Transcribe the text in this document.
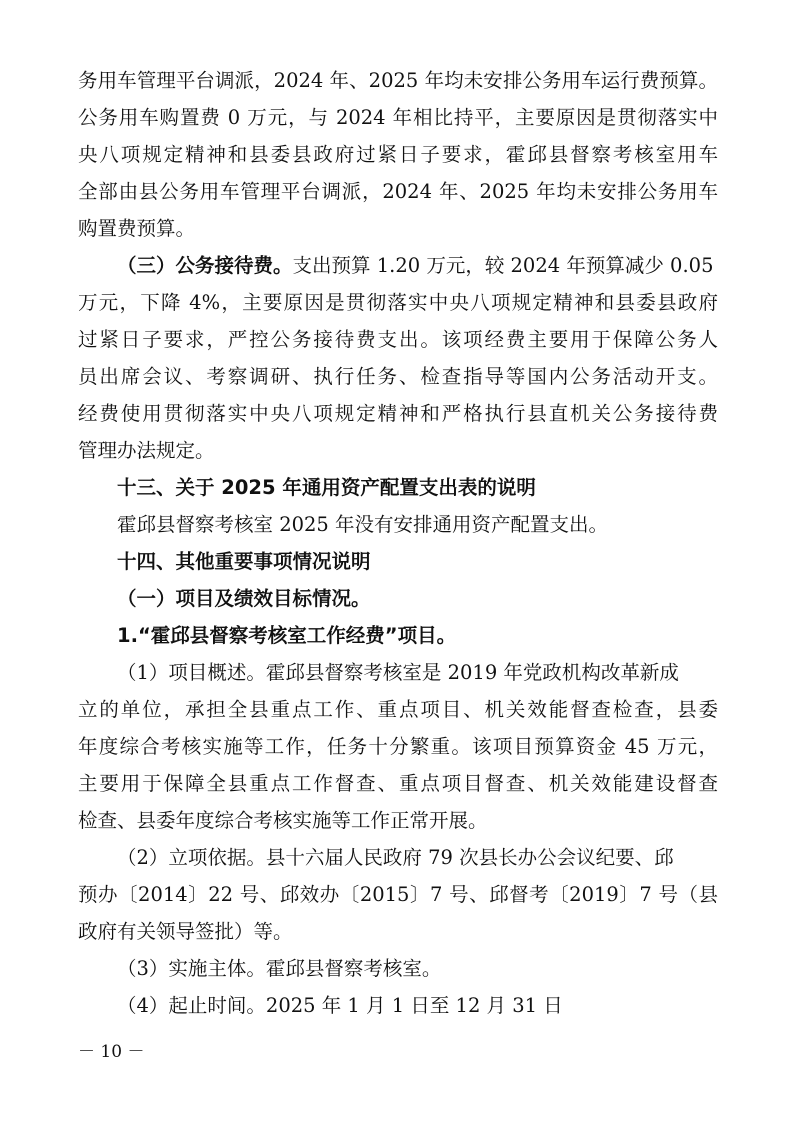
务用车管理平台调派，2024 年、2025 年均未安排公务用车运行费预算。
公务用车购置费 0 万元，与 2024 年相比持平，主要原因是贯彻落实中
央八项规定精神和县委县政府过紧日子要求，霍邱县督察考核室用车
全部由县公务用车管理平台调派，2024 年、2025 年均未安排公务用车
购置费预算。
（三）公务接待费。支出预算 1.20 万元，较 2024 年预算减少 0.05
万元，下降 4%，主要原因是贯彻落实中央八项规定精神和县委县政府
过紧日子要求，严控公务接待费支出。该项经费主要用于保障公务人
员出席会议、考察调研、执行任务、检查指导等国内公务活动开支。
经费使用贯彻落实中央八项规定精神和严格执行县直机关公务接待费
管理办法规定。
十三、关于 2025 年通用资产配置支出表的说明
霍邱县督察考核室 2025 年没有安排通用资产配置支出。
十四、其他重要事项情况说明
（一）项目及绩效目标情况。
1.“霍邱县督察考核室工作经费”项目。
（1）项目概述。霍邱县督察考核室是 2019 年党政机构改革新成
立的单位，承担全县重点工作、重点项目、机关效能督查检查，县委
年度综合考核实施等工作，任务十分繁重。该项目预算资金 45 万元，
主要用于保障全县重点工作督查、重点项目督查、机关效能建设督查
检查、县委年度综合考核实施等工作正常开展。
（2）立项依据。县十六届人民政府 79 次县长办公会议纪要、邱
预办〔2014〕22 号、邱效办〔2015〕7 号、邱督考〔2019〕7 号（县
政府有关领导签批）等。
（3）实施主体。霍邱县督察考核室。
（4）起止时间。2025 年 1 月 1 日至 12 月 31 日
－ 10 －
